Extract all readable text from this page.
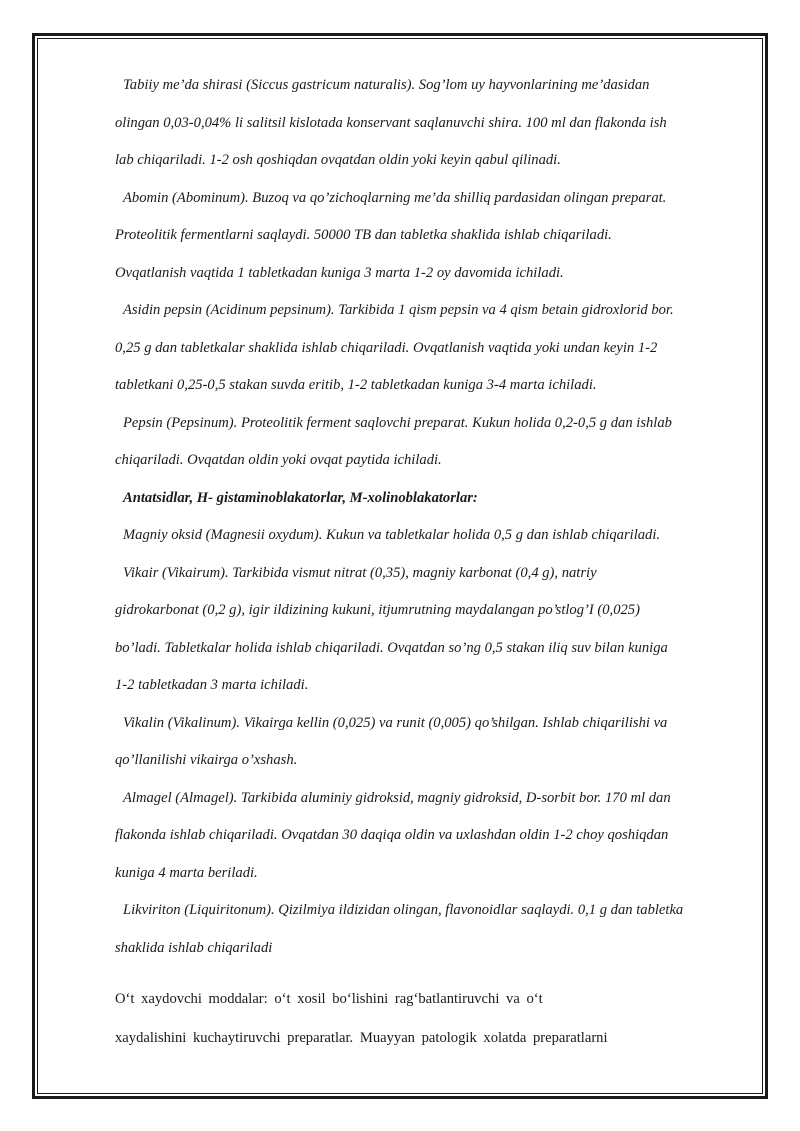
Tabiiy me’da shirasi (Siccus gastricum naturalis). Sog’lom uy hayvonlarining me’dasidan
olingan 0,03-0,04% li salitsil kislotada konservant saqlanuvchi shira. 100 ml dan flakonda ish
lab chiqariladi. 1-2 osh qoshiqdan ovqatdan oldin yoki keyin qabul qilinadi.
Abomin (Abominum). Buzoq va qo’zichoqlarning me’da shilliq pardasidan olingan preparat.
Proteolitik fermentlarni saqlaydi. 50000 TB dan tabletka shaklida ishlab chiqariladi.
Ovqatlanish vaqtida 1 tabletkadan kuniga 3 marta 1-2 oy davomida ichiladi.
Asidin pepsin (Acidinum pepsinum). Tarkibida 1 qism pepsin va 4 qism betain gidroxlorid bor.
0,25 g dan tabletkalar shaklida ishlab chiqariladi. Ovqatlanish vaqtida yoki undan keyin 1-2
tabletkani 0,25-0,5 stakan suvda eritib, 1-2 tabletkadan kuniga 3-4 marta ichiladi.
Pepsin (Pepsinum). Proteolitik ferment saqlovchi preparat. Kukun holida 0,2-0,5 g dan ishlab
chiqariladi. Ovqatdan oldin yoki ovqat paytida ichiladi.
Antatsidlar, H- gistaminoblakatorlar, M-xolinoblakatorlar:
Magniy oksid (Magnesii oxydum). Kukun va tabletkalar holida 0,5 g dan ishlab chiqariladi.
Vikair (Vikairum). Tarkibida vismut nitrat (0,35), magniy karbonat (0,4 g), natriy
gidrokarbonat (0,2 g), igir ildizining kukuni, itjumrutning maydalangan po’stlog’I (0,025)
bo’ladi. Tabletkalar holida ishlab chiqariladi. Ovqatdan so’ng 0,5 stakan iliq suv bilan kuniga
1-2 tabletkadan 3 marta ichiladi.
Vikalin (Vikalinum). Vikairga kellin (0,025) va runit (0,005) qo’shilgan. Ishlab chiqarilishi va
qo’llanilishi vikairga o’xshash.
Almagel (Almagel). Tarkibida aluminiy gidroksid, magniy gidroksid, D-sorbit bor. 170 ml dan
flakonda ishlab chiqariladi. Ovqatdan 30 daqiqa oldin va uxlashdan oldin 1-2 choy qoshiqdan
kuniga 4 marta beriladi.
Likviriton (Liquiritonum). Qizilmiya ildizidan olingan, flavonoidlar saqlaydi. 0,1 g dan tabletka
shaklida ishlab chiqariladi
O‘t xaydovchi moddalar: o‘t xosil bo‘lishini rag‘batlantiruvchi va o‘t
xaydalishini kuchaytiruvchi preparatlar. Muayyan patologik xolatda preparatlarni
